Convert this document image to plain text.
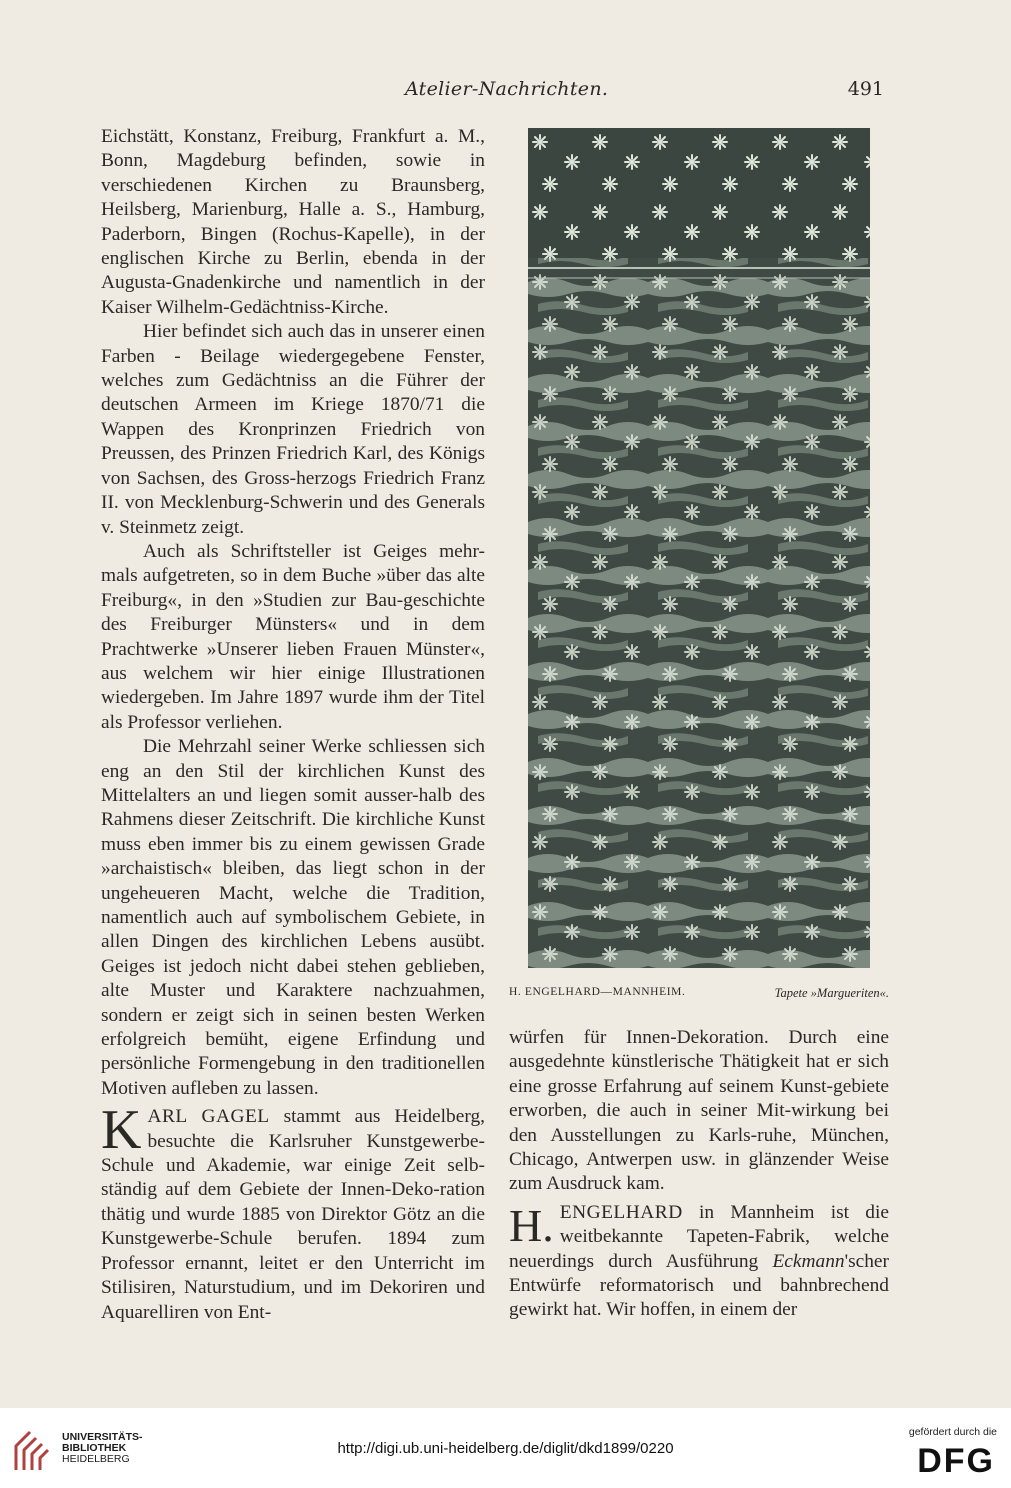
Atelier-Nachrichten.	491

Eichstätt, Konstanz, Freiburg, Frankfurt a. M., Bonn, Magdeburg befinden, sowie in verschiedenen Kirchen zu Braunsberg, Heilsberg, Marienburg, Halle a. S., Hamburg, Paderborn, Bingen (Rochus-Kapelle), in der englischen Kirche zu Berlin, ebenda in der Augusta-Gnadenkirche und namentlich in der Kaiser Wilhelm-Gedächtniss-Kirche.

Hier befindet sich auch das in unserer einen Farben - Beilage wiedergegebene Fenster, welches zum Gedächtniss an die Führer der deutschen Armeen im Kriege 1870/71 die Wappen des Kronprinzen Friedrich von Preussen, des Prinzen Friedrich Karl, des Königs von Sachsen, des Gross-herzogs Friedrich Franz II. von Mecklenburg-Schwerin und des Generals v. Steinmetz zeigt.

Auch als Schriftsteller ist Geiges mehr-mals aufgetreten, so in dem Buche »über das alte Freiburg«, in den »Studien zur Bau-geschichte des Freiburger Münsters« und in dem Prachtwerke »Unserer lieben Frauen Münster«, aus welchem wir hier einige Illustrationen wiedergeben. Im Jahre 1897 wurde ihm der Titel als Professor verliehen.

Die Mehrzahl seiner Werke schliessen sich eng an den Stil der kirchlichen Kunst des Mittelalters an und liegen somit ausser-halb des Rahmens dieser Zeitschrift. Die kirchliche Kunst muss eben immer bis zu einem gewissen Grade »archaistisch« bleiben, das liegt schon in der ungeheueren Macht, welche die Tradition, namentlich auch auf symbolischem Gebiete, in allen Dingen des kirchlichen Lebens ausübt. Geiges ist jedoch nicht dabei stehen geblieben, alte Muster und Karaktere nachzuahmen, sondern er zeigt sich in seinen besten Werken erfolgreich bemüht, eigene Erfindung und persönliche Formengebung in den traditionellen Motiven aufleben zu lassen.

KARL GAGEL stammt aus Heidelberg, besuchte die Karlsruher Kunstgewerbe-Schule und Akademie, war einige Zeit selb-ständig auf dem Gebiete der Innen-Deko-ration thätig und wurde 1885 von Direktor Götz an die Kunstgewerbe-Schule berufen. 1894 zum Professor ernannt, leitet er den Unterricht im Stilisiren, Naturstudium, und im Dekoriren und Aquarelliren von Ent-

H. ENGELHARD—MANNHEIM.	Tapete »Margueriten«.

würfen für Innen-Dekoration. Durch eine ausgedehnte künstlerische Thätigkeit hat er sich eine grosse Erfahrung auf seinem Kunst-gebiete erworben, die auch in seiner Mit-wirkung bei den Ausstellungen zu Karls-ruhe, München, Chicago, Antwerpen usw. in glänzender Weise zum Ausdruck kam.

H. ENGELHARD in Mannheim ist die weitbekannte Tapeten-Fabrik, welche neuerdings durch Ausführung Eckmann'scher Entwürfe reformatorisch und bahnbrechend gewirkt hat. Wir hoffen, in einem der

UNIVERSITÄTS-
BIBLIOTHEK
HEIDELBERG
http://digi.ub.uni-heidelberg.de/diglit/dkd1899/0220
gefördert durch die
DFG
